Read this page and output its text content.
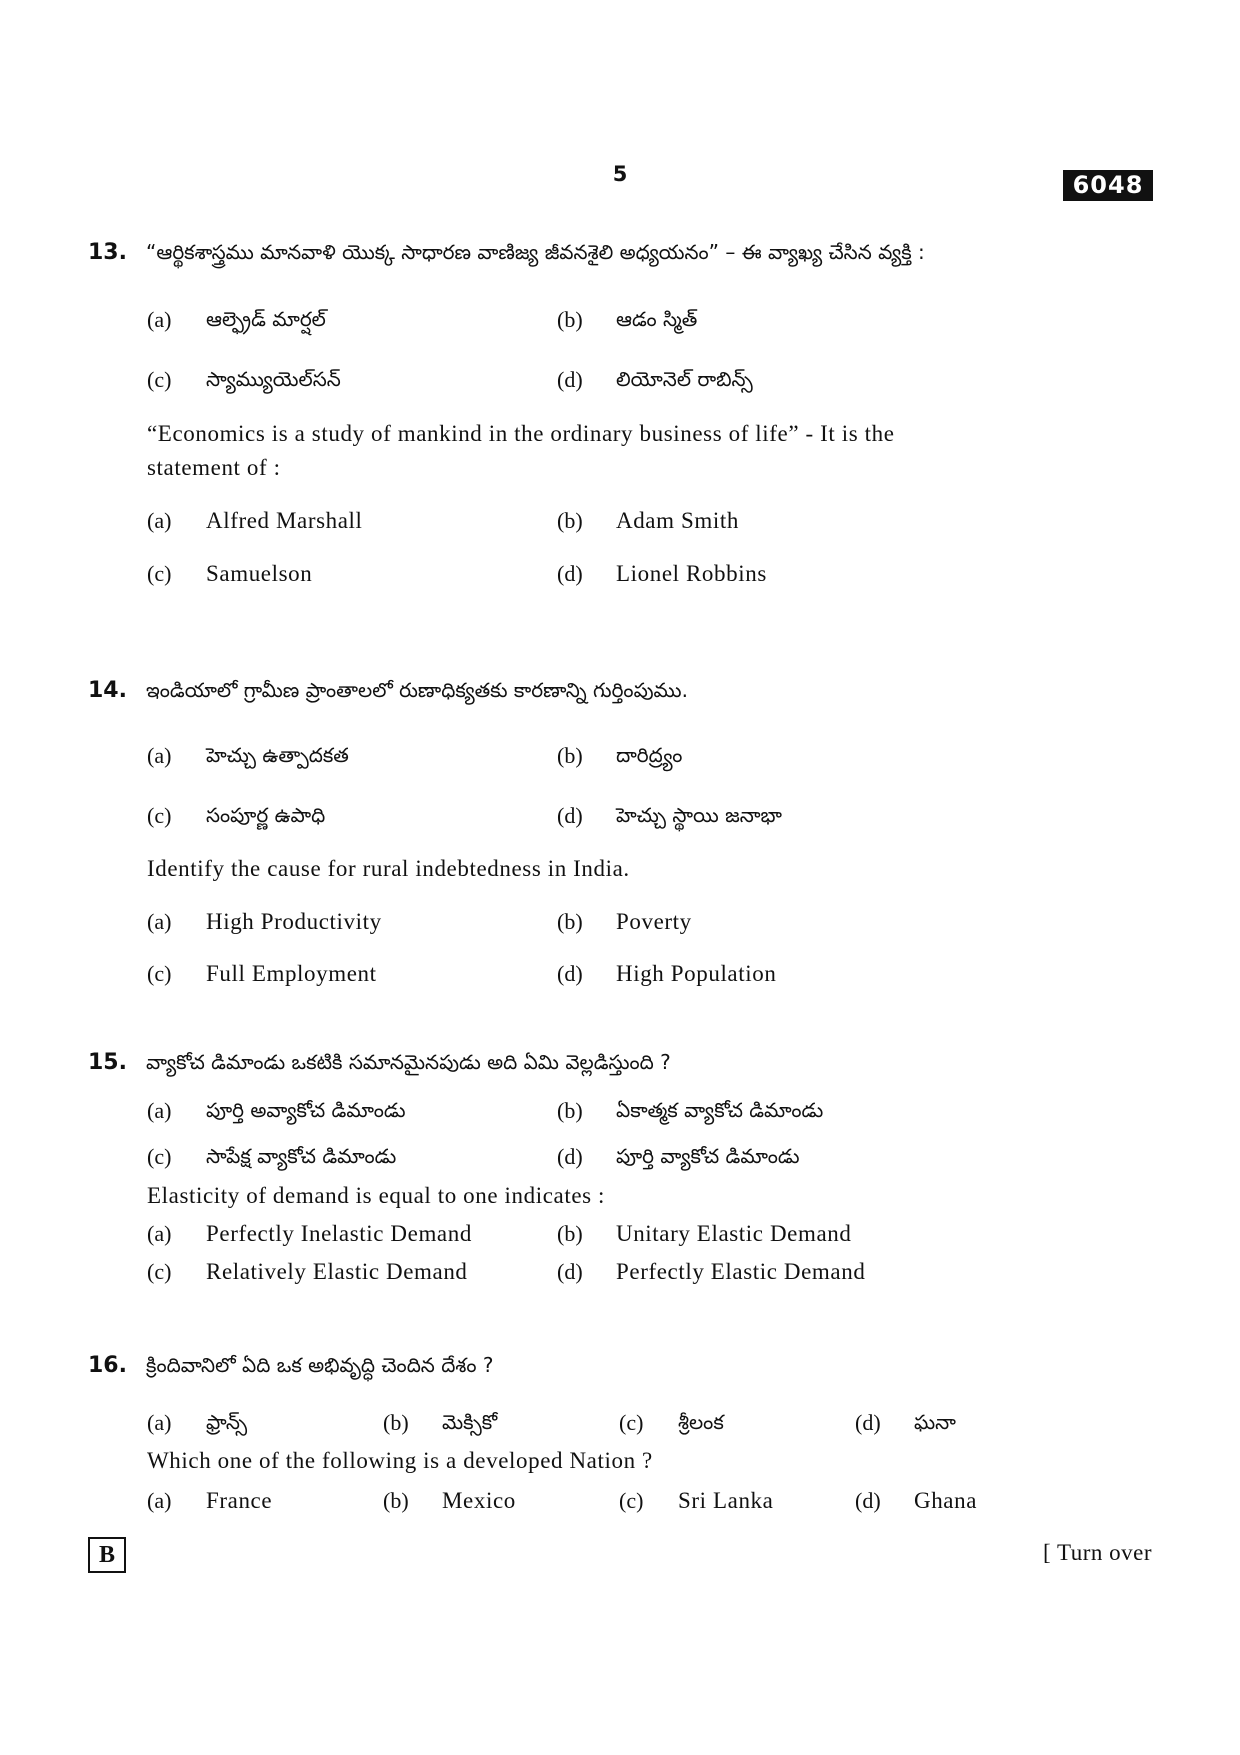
5	6048
13. “ఆర్థికశాస్త్రము మానవాళి యొక్క సాధారణ వాణిజ్య జీవనశైలి అధ్యయనం” – ఈ వ్యాఖ్య చేసిన వ్యక్తి :
(a) ఆల్ఫ్రెడ్ మార్షల్	(b) ఆడం స్మిత్
(c) స్యామ్యుయెల్‌సన్	(d) లియోనెల్ రాబిన్స్
“Economics is a study of mankind in the ordinary business of life” - It is the
statement of :
(a) Alfred Marshall	(b) Adam Smith
(c) Samuelson	(d) Lionel Robbins
14. ఇండియాలో గ్రామీణ ప్రాంతాలలో రుణాధిక్యతకు కారణాన్ని గుర్తింపుము.
(a) హెచ్చు ఉత్పాదకత	(b) దారిద్ర్యం
(c) సంపూర్ణ ఉపాధి	(d) హెచ్చు స్థాయి జనాభా
Identify the cause for rural indebtedness in India.
(a) High Productivity	(b) Poverty
(c) Full Employment	(d) High Population
15. వ్యాకోచ డిమాండు ఒకటికి సమానమైనపుడు అది ఏమి వెల్లడిస్తుంది ?
(a) పూర్తి అవ్యాకోచ డిమాండు	(b) ఏకాత్మక వ్యాకోచ డిమాండు
(c) సాపేక్ష వ్యాకోచ డిమాండు	(d) పూర్తి వ్యాకోచ డిమాండు
Elasticity of demand is equal to one indicates :
(a) Perfectly Inelastic Demand	(b) Unitary Elastic Demand
(c) Relatively Elastic Demand	(d) Perfectly Elastic Demand
16. క్రిందివానిలో ఏది ఒక అభివృద్ధి చెందిన దేశం ?
(a) ఫ్రాన్స్	(b) మెక్సికో	(c) శ్రీలంక	(d) ఘనా
Which one of the following is a developed Nation ?
(a) France	(b) Mexico	(c) Sri Lanka	(d) Ghana
B	[ Turn over
